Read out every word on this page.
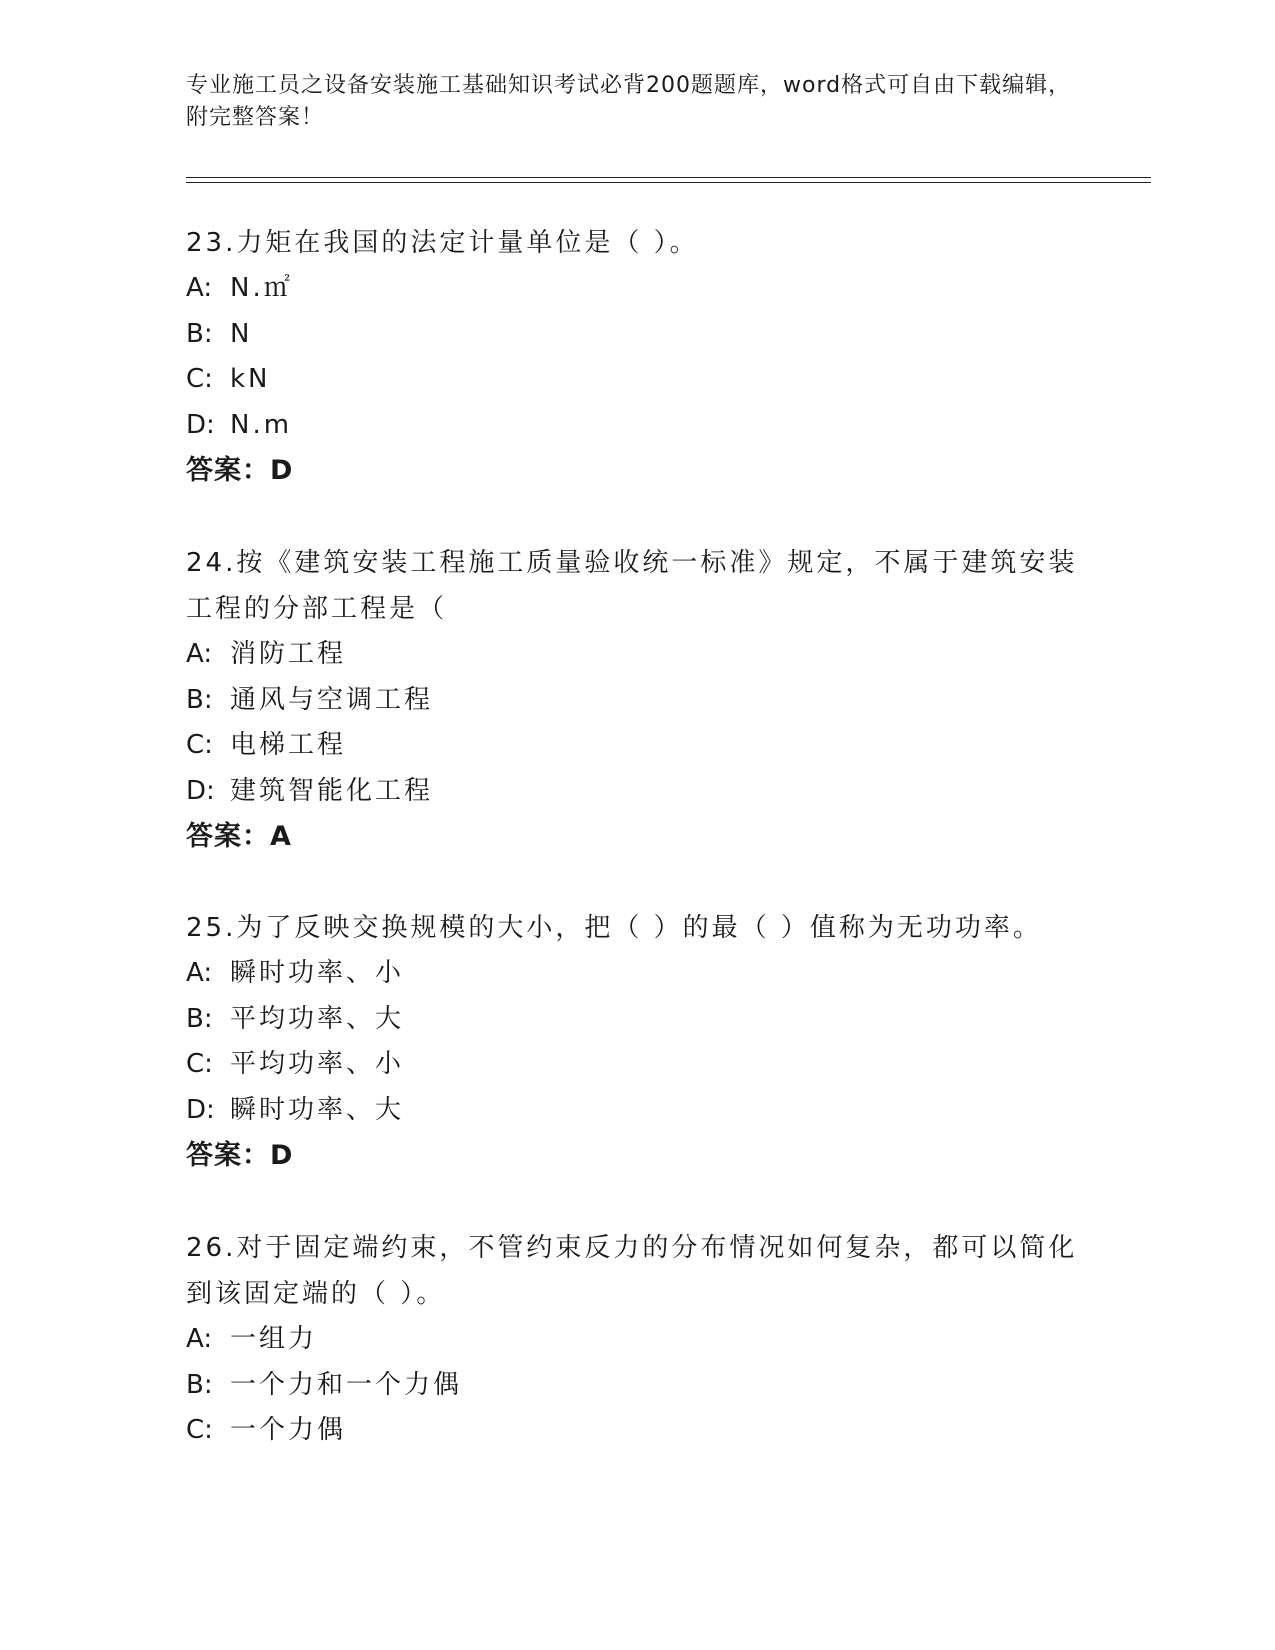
专业施工员之设备安装施工基础知识考试必背200题题库，word格式可自由下载编辑，附完整答案！

23.力矩在我国的法定计量单位是（ ）。

A: N.㎡
B: N
C: kN
D: N.m
答案：D

24.按《建筑安装工程施工质量验收统一标准》规定，不属于建筑安装工程的分部工程是（

A: 消防工程
B: 通风与空调工程
C: 电梯工程
D: 建筑智能化工程
答案：A

25.为了反映交换规模的大小，把（ ）的最（ ）值称为无功功率。

A: 瞬时功率、小
B: 平均功率、大
C: 平均功率、小
D: 瞬时功率、大
答案：D

26.对于固定端约束，不管约束反力的分布情况如何复杂，都可以简化到该固定端的（ ）。

A: 一组力
B: 一个力和一个力偶
C: 一个力偶
